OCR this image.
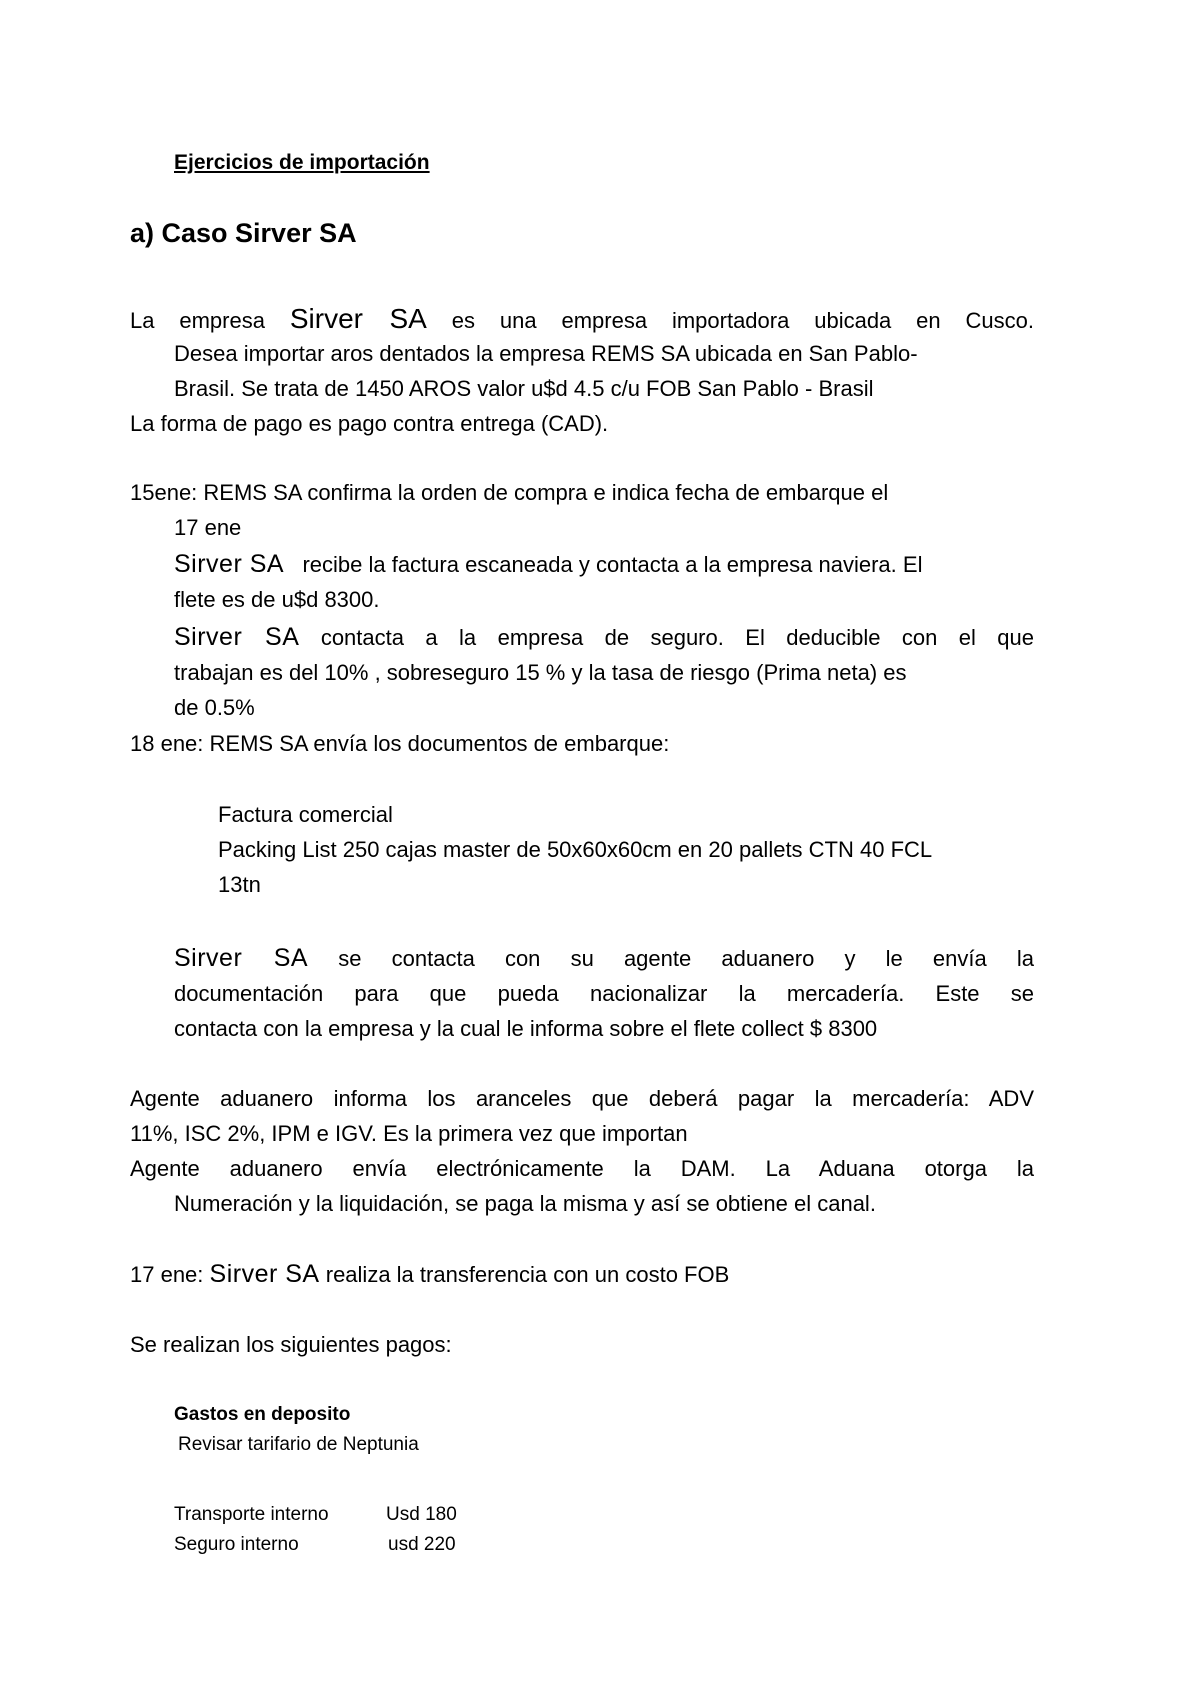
Ejercicios de importación
a) Caso Sirver SA
La empresa Sirver SA es una empresa importadora ubicada en Cusco.
Desea importar aros dentados la empresa REMS SA ubicada en San Pablo-
Brasil. Se trata de 1450 AROS valor u$d 4.5 c/u FOB San Pablo - Brasil
La forma de pago es pago contra entrega (CAD).
15ene: REMS SA confirma la orden de compra e indica fecha de embarque el
17 ene
Sirver SA recibe la factura escaneada y contacta a la empresa naviera. El
flete es de u$d 8300.
Sirver SA contacta a la empresa de seguro. El deducible con el que
trabajan es del 10% , sobreseguro 15 % y la tasa de riesgo (Prima neta) es
de 0.5%
18 ene: REMS SA envía los documentos de embarque:
Factura comercial
Packing List 250 cajas master de 50x60x60cm en 20 pallets CTN 40 FCL
13tn
Sirver SA se contacta con su agente aduanero y le envía la
documentación para que pueda nacionalizar la mercadería. Este se
contacta con la empresa y la cual le informa sobre el flete collect $ 8300
Agente aduanero informa los aranceles que deberá pagar la mercadería: ADV
11%, ISC 2%, IPM e IGV. Es la primera vez que importan
Agente aduanero envía electrónicamente la DAM. La Aduana otorga la
Numeración y la liquidación, se paga la misma y así se obtiene el canal.
17 ene: Sirver SA realiza la transferencia con un costo FOB
Se realizan los siguientes pagos:
Gastos en deposito
Revisar tarifario de Neptunia
Transporte interno	Usd 180
Seguro interno	usd 220
